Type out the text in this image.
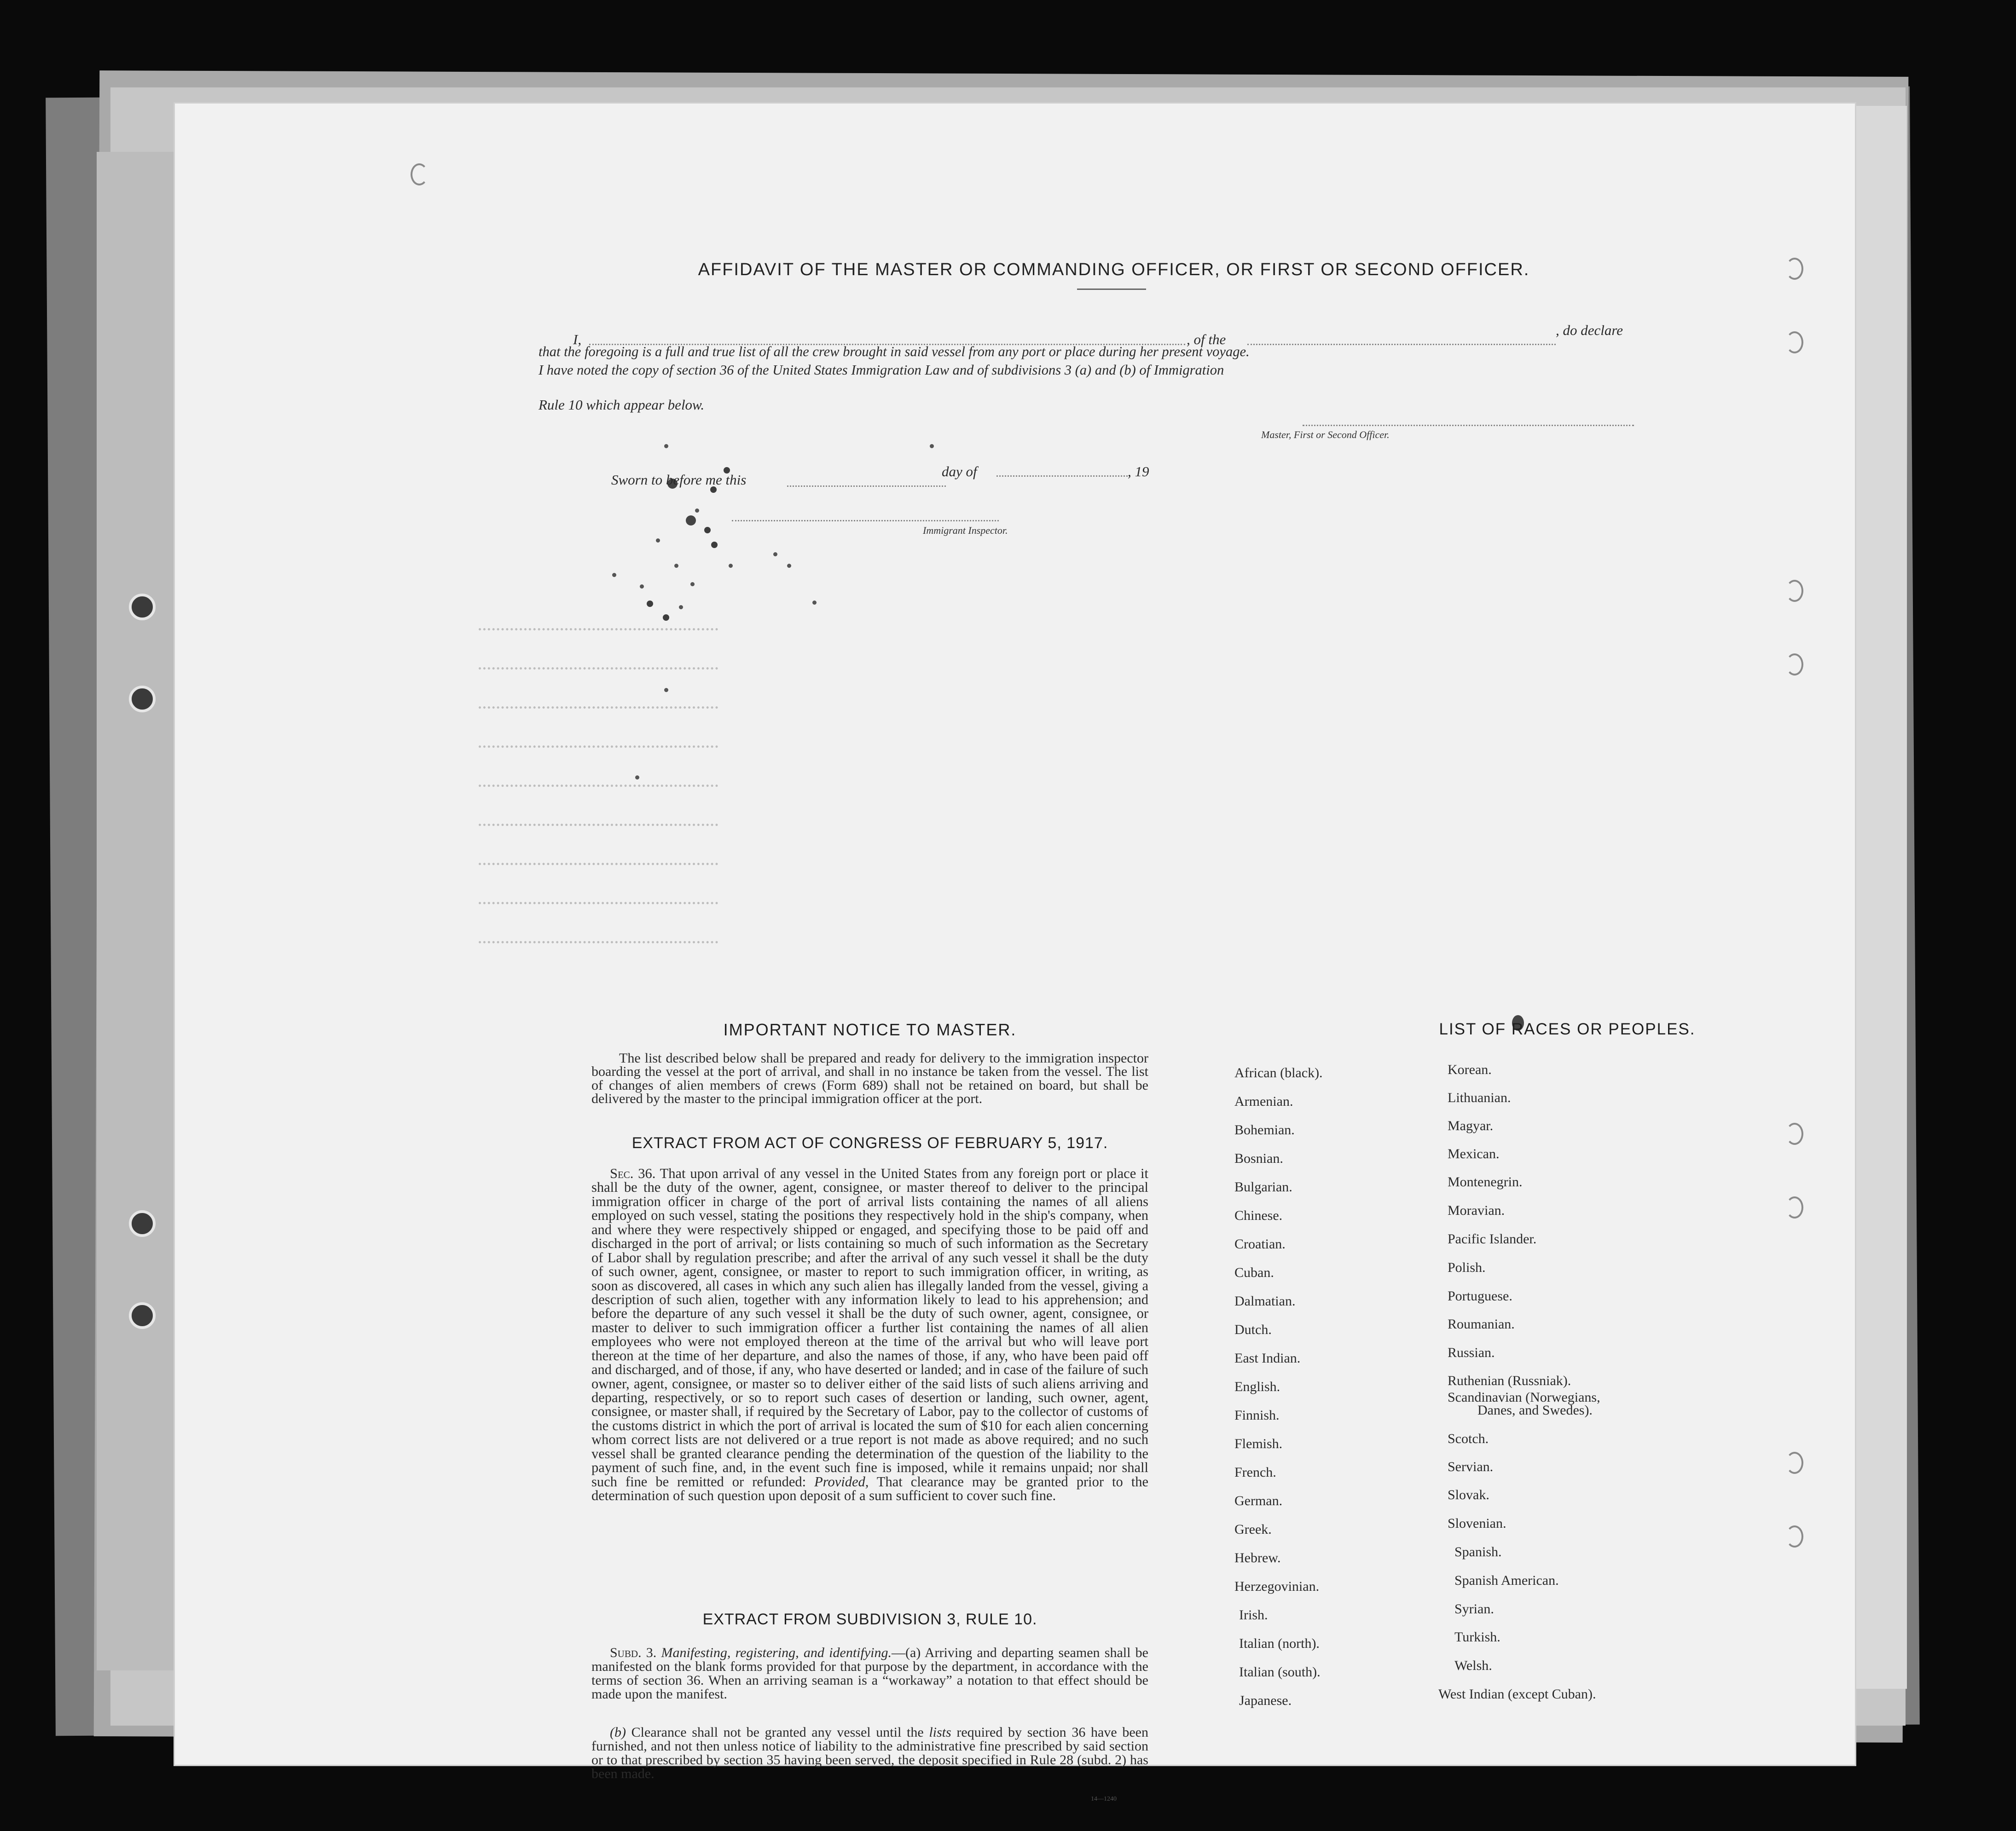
AFFIDAVIT OF THE MASTER OR COMMANDING OFFICER, OR FIRST OR SECOND OFFICER.
I,	, of the
, do declare
that the foregoing is a full and true list of all the crew brought in said vessel from any port or place during her present voyage.
I have noted the copy of section 36 of the United States Immigration Law and of subdivisions 3 (a) and (b) of Immigration
Rule 10 which appear below.
Master, First or Second Officer.
Sworn to before me this
day of	, 19
Immigrant Inspector.
IMPORTANT NOTICE TO MASTER.
The list described below shall be prepared and ready for delivery to the immigration inspector boarding the vessel at the port of arrival, and shall in no instance be taken from the vessel. The list of changes of alien members of crews (Form 689) shall not be retained on board, but shall be delivered by the master to the principal immigration officer at the port.
EXTRACT FROM ACT OF CONGRESS OF FEBRUARY 5, 1917.
Sec. 36. That upon arrival of any vessel in the United States from any foreign port or place it shall be the duty of the owner, agent, consignee, or master thereof to deliver to the principal immigration officer in charge of the port of arrival lists containing the names of all aliens employed on such vessel, stating the positions they respectively hold in the ship's company, when and where they were respectively shipped or engaged, and specifying those to be paid off and discharged in the port of arrival; or lists containing so much of such information as the Secretary of Labor shall by regulation prescribe; and after the arrival of any such vessel it shall be the duty of such owner, agent, consignee, or master to report to such immigration officer, in writing, as soon as discovered, all cases in which any such alien has illegally landed from the vessel, giving a description of such alien, together with any information likely to lead to his apprehension; and before the departure of any such vessel it shall be the duty of such owner, agent, consignee, or master to deliver to such immigration officer a further list containing the names of all alien employees who were not employed thereon at the time of the arrival but who will leave port thereon at the time of her departure, and also the names of those, if any, who have been paid off and discharged, and of those, if any, who have deserted or landed; and in case of the failure of such owner, agent, consignee, or master so to deliver either of the said lists of such aliens arriving and departing, respectively, or so to report such cases of desertion or landing, such owner, agent, consignee, or master shall, if required by the Secretary of Labor, pay to the collector of customs of the customs district in which the port of arrival is located the sum of $10 for each alien concerning whom correct lists are not delivered or a true report is not made as above required; and no such vessel shall be granted clearance pending the determination of the question of the liability to the payment of such fine, and, in the event such fine is imposed, while it remains unpaid; nor shall such fine be remitted or refunded: Provided, That clearance may be granted prior to the determination of such question upon deposit of a sum sufficient to cover such fine.
EXTRACT FROM SUBDIVISION 3, RULE 10.
Subd. 3. Manifesting, registering, and identifying.—(a) Arriving and departing seamen shall be manifested on the blank forms provided for that purpose by the department, in accordance with the terms of section 36. When an arriving seaman is a “workaway” a notation to that effect should be made upon the manifest.
(b) Clearance shall not be granted any vessel until the lists required by section 36 have been furnished, and not then unless notice of liability to the administrative fine prescribed by said section or to that prescribed by section 35 having been served, the deposit specified in Rule 28 (subd. 2) has been made.
14—1240
LIST OF RACES OR PEOPLES.
African (black).
Armenian.
Bohemian.
Bosnian.
Bulgarian.
Chinese.
Croatian.
Cuban.
Dalmatian.
Dutch.
East Indian.
English.
Finnish.
Flemish.
French.
German.
Greek.
Hebrew.
Herzegovinian.
Irish.
Italian (north).
Italian (south).
Japanese.
Korean.
Lithuanian.
Magyar.
Mexican.
Montenegrin.
Moravian.
Pacific Islander.
Polish.
Portuguese.
Roumanian.
Russian.
Ruthenian (Russniak).
Scandinavian (Norwegians,
Danes, and Swedes).
Scotch.
Servian.
Slovak.
Slovenian.
Spanish.
Spanish American.
Syrian.
Turkish.
Welsh.
West Indian (except Cuban).
